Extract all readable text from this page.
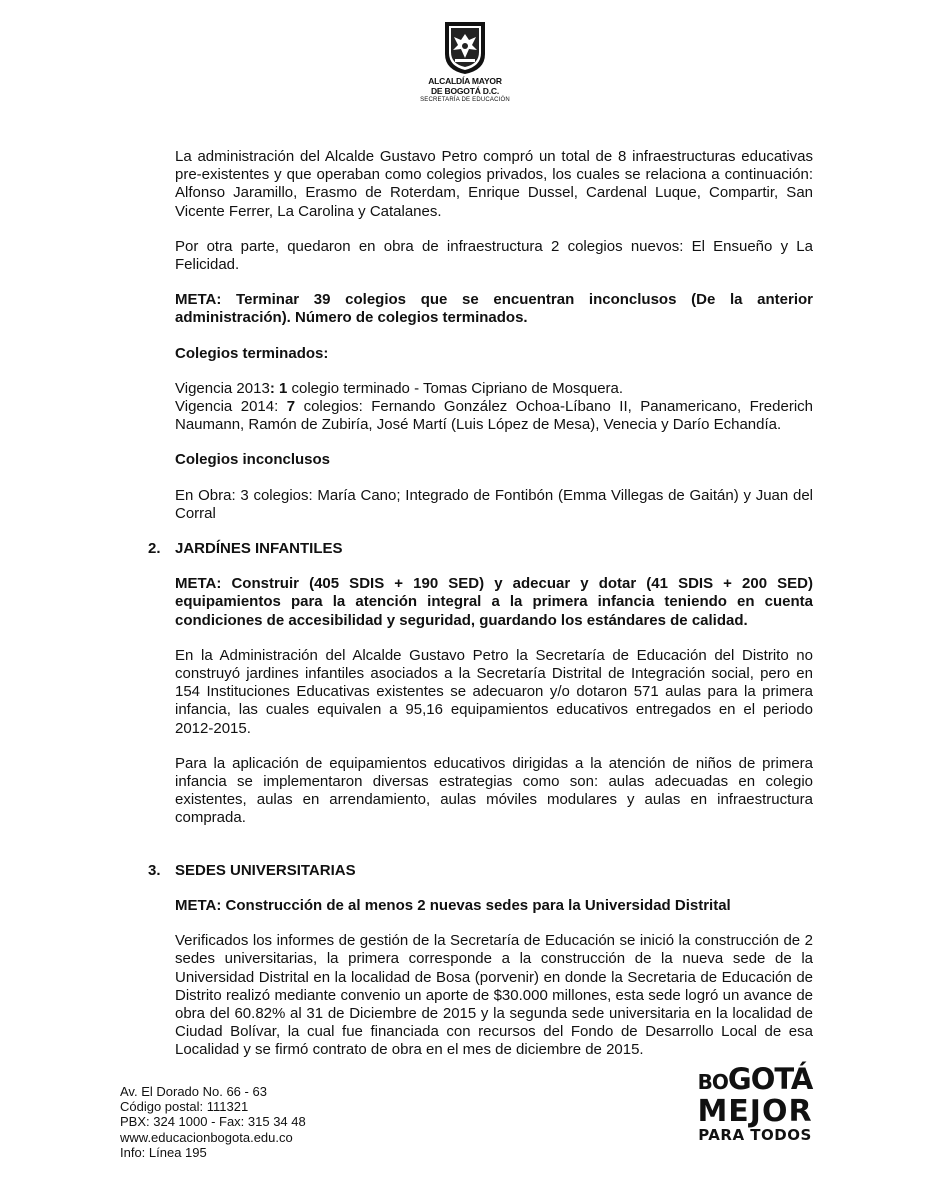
ALCALDÍA MAYOR
DE BOGOTÁ D.C.
SECRETARÍA DE EDUCACIÓN

La administración del Alcalde Gustavo Petro compró un total de 8 infraestructuras educativas pre-existentes y que operaban como colegios privados, los cuales se relaciona a continuación: Alfonso Jaramillo, Erasmo de Roterdam, Enrique Dussel, Cardenal Luque, Compartir, San Vicente Ferrer, La Carolina y Catalanes.

Por otra parte, quedaron en obra de infraestructura 2 colegios nuevos: El Ensueño y La Felicidad.

META: Terminar 39 colegios que se encuentran inconclusos (De la anterior administración). Número de colegios terminados.

Colegios terminados:

Vigencia 2013: 1 colegio terminado - Tomas Cipriano de Mosquera.
Vigencia 2014: 7 colegios: Fernando González Ochoa-Líbano II, Panamericano, Frederich Naumann, Ramón de Zubiría, José Martí (Luis López de Mesa), Venecia y Darío Echandía.

Colegios inconclusos

En Obra: 3 colegios: María Cano; Integrado de Fontibón (Emma Villegas de Gaitán) y Juan del Corral

2. JARDÍNES INFANTILES

META: Construir (405 SDIS + 190 SED) y adecuar y dotar (41 SDIS + 200 SED) equipamientos para la atención integral a la primera infancia teniendo en cuenta condiciones de accesibilidad y seguridad, guardando los estándares de calidad.

En la Administración del Alcalde Gustavo Petro la Secretaría de Educación del Distrito no construyó jardines infantiles asociados a la Secretaría Distrital de Integración social, pero en 154 Instituciones Educativas existentes se adecuaron y/o dotaron 571 aulas para la primera infancia, las cuales equivalen a 95,16 equipamientos educativos entregados en el periodo 2012-2015.

Para la aplicación de equipamientos educativos dirigidas a la atención de niños de primera infancia se implementaron diversas estrategias como son: aulas adecuadas en colegio existentes, aulas en arrendamiento, aulas móviles modulares y aulas en infraestructura comprada.

3. SEDES UNIVERSITARIAS

META: Construcción de al menos 2 nuevas sedes para la Universidad Distrital

Verificados los informes de gestión de la Secretaría de Educación se inició la construcción de 2 sedes universitarias, la primera corresponde a la construcción de la nueva sede de la Universidad Distrital en la localidad de Bosa (porvenir) en donde la Secretaria de Educación de Distrito realizó mediante convenio un aporte de $30.000 millones, esta sede logró un avance de obra del 60.82% al 31 de Diciembre de 2015 y la segunda sede universitaria en la localidad de Ciudad Bolívar, la cual fue financiada con recursos del Fondo de Desarrollo Local de esa Localidad y se firmó contrato de obra en el mes de diciembre de 2015.

Av. El Dorado No. 66 - 63
Código postal: 111321
PBX: 324 1000 - Fax: 315 34 48
www.educacionbogota.edu.co
Info: Línea 195
BOGOTÁ
MEJOR
PARA TODOS
